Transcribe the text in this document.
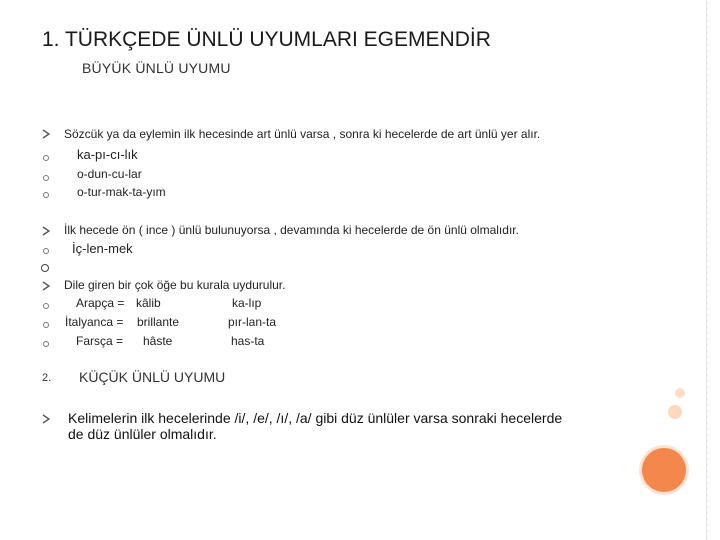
1. TÜRKÇEDE ÜNLÜ UYUMLARI EGEMENDİR
BÜYÜK ÜNLÜ UYUMU
Sözcük ya da eylemin ilk hecesinde art ünlü varsa , sonra ki hecelerde de art ünlü yer alır.
ka-pı-cı-lık
o-dun-cu-lar
o-tur-mak-ta-yım
İlk hecede ön ( ince ) ünlü bulunuyorsa , devamında ki hecelerde de ön ünlü olmalıdır.
İç-len-mek
Dile giren bir çok öğe bu kurala uydurulur.
Arapça = kâlib	ka-lıp
İtalyanca = brillante	pır-lan-ta
Farsça = hâste	has-ta
2. KÜÇÜK ÜNLÜ UYUMU
Kelimelerin ilk hecelerinde /i/, /e/, /ı/, /a/ gibi düz ünlüler varsa sonraki hecelerde
de düz ünlüler olmalıdır.
